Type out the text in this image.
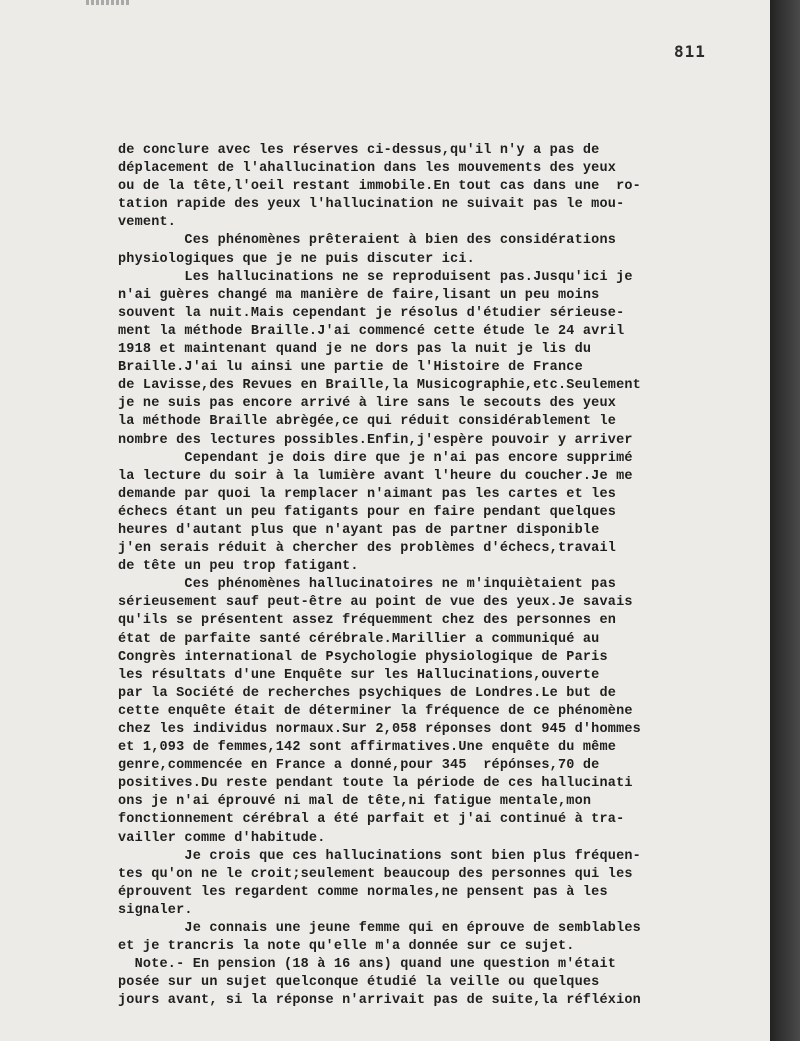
811
de conclure avec les réserves ci-dessus,qu'il n'y a pas de
déplacement de l'ahallucination dans les mouvements des yeux
ou de la tête,l'oeil restant immobile.En tout cas dans une  ro-
tation rapide des yeux l'hallucination ne suivait pas le mou-
vement.
Ces phénomènes prêteraient à bien des considérations
physiologiques que je ne puis discuter ici.
Les hallucinations ne se reproduisent pas.Jusqu'ici je
n'ai guères changé ma manière de faire,lisant un peu moins
souvent la nuit.Mais cependant je résolus d'étudier sérieuse-
ment la méthode Braille.J'ai commencé cette étude le 24 avril
1918 et maintenant quand je ne dors pas la nuit je lis du
Braille.J'ai lu ainsi une partie de l'Histoire de France
de Lavisse,des Revues en Braille,la Musicographie,etc.Seulement
je ne suis pas encore arrivé à lire sans le secouts des yeux
la méthode Braille abrègée,ce qui réduit considérablement le
nombre des lectures possibles.Enfin,j'espère pouvoir y arriver
Cependant je dois dire que je n'ai pas encore supprimé
la lecture du soir à la lumière avant l'heure du coucher.Je me
demande par quoi la remplacer n'aimant pas les cartes et les
échecs étant un peu fatigants pour en faire pendant quelques
heures d'autant plus que n'ayant pas de partner disponible
j'en serais réduit à chercher des problèmes d'échecs,travail
de tête un peu trop fatigant.
Ces phénomènes hallucinatoires ne m'inquiètaient pas
sérieusement sauf peut-être au point de vue des yeux.Je savais
qu'ils se présentent assez fréquemment chez des personnes en
état de parfaite santé cérébrale.Marillier a communiqué au
Congrès international de Psychologie physiologique de Paris
les résultats d'une Enquête sur les Hallucinations,ouverte
par la Société de recherches psychiques de Londres.Le but de
cette enquête était de déterminer la fréquence de ce phénomène
chez les individus normaux.Sur 2,058 réponses dont 945 d'hommes
et 1,093 de femmes,142 sont affirmatives.Une enquête du même
genre,commencée en France a donné,pour 345  répónses,70 de
positives.Du reste pendant toute la période de ces hallucinati
ons je n'ai éprouvé ni mal de tête,ni fatigue mentale,mon
fonctionnement cérébral a été parfait et j'ai continué à tra-
vailler comme d'habitude.
Je crois que ces hallucinations sont bien plus fréquen-
tes qu'on ne le croit;seulement beaucoup des personnes qui les
éprouvent les regardent comme normales,ne pensent pas à les
signaler.
Je connais une jeune femme qui en éprouve de semblables
et je trancris la note qu'elle m'a donnée sur ce sujet.
Note.- En pension (18 à 16 ans) quand une question m'était
posée sur un sujet quelconque étudié la veille ou quelques
jours avant, si la réponse n'arrivait pas de suite,la réfléxion
